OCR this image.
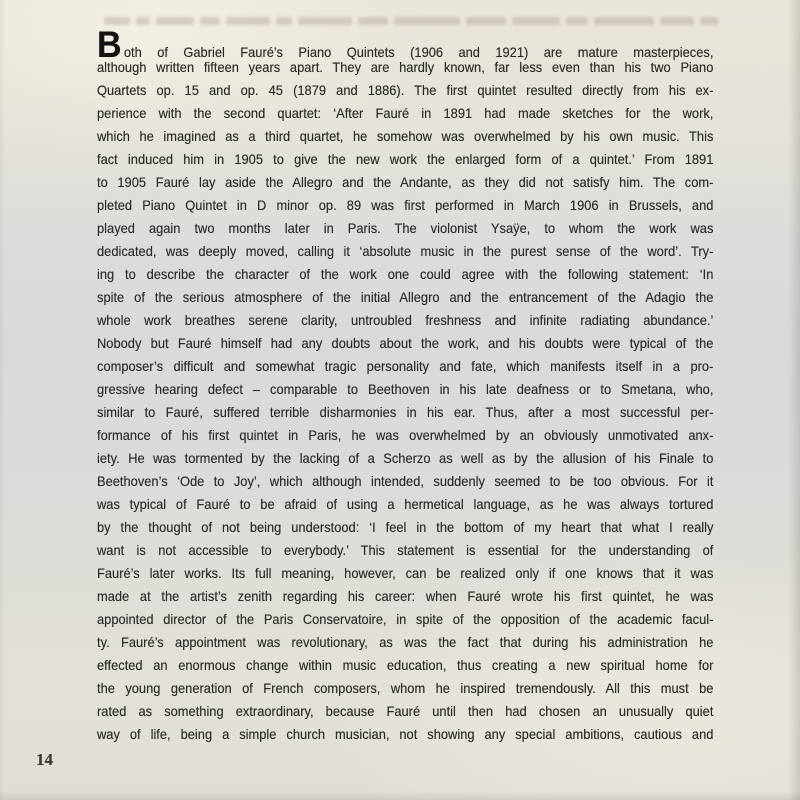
Both of Gabriel Fauré’s Piano Quintets (1906 and 1921) are mature masterpieces,
although written fifteen years apart. They are hardly known, far less even than his two Piano
Quartets op. 15 and op. 45 (1879 and 1886). The first quintet resulted directly from his ex-
perience with the second quartet: ‘After Fauré in 1891 had made sketches for the work,
which he imagined as a third quartet, he somehow was overwhelmed by his own music. This
fact induced him in 1905 to give the new work the enlarged form of a quintet.’ From 1891
to 1905 Fauré lay aside the Allegro and the Andante, as they did not satisfy him. The com-
pleted Piano Quintet in D minor op. 89 was first performed in March 1906 in Brussels, and
played again two months later in Paris. The violonist Ysaÿe, to whom the work was
dedicated, was deeply moved, calling it ‘absolute music in the purest sense of the word’. Try-
ing to describe the character of the work one could agree with the following statement: ‘In
spite of the serious atmosphere of the initial Allegro and the entrancement of the Adagio the
whole work breathes serene clarity, untroubled freshness and infinite radiating abundance.’
Nobody but Fauré himself had any doubts about the work, and his doubts were typical of the
composer’s difficult and somewhat tragic personality and fate, which manifests itself in a pro-
gressive hearing defect – comparable to Beethoven in his late deafness or to Smetana, who,
similar to Fauré, suffered terrible disharmonies in his ear. Thus, after a most successful per-
formance of his first quintet in Paris, he was overwhelmed by an obviously unmotivated anx-
iety. He was tormented by the lacking of a Scherzo as well as by the allusion of his Finale to
Beethoven’s ‘Ode to Joy’, which although intended, suddenly seemed to be too obvious. For it
was typical of Fauré to be afraid of using a hermetical language, as he was always tortured
by the thought of not being understood: ‘I feel in the bottom of my heart that what I really
want is not accessible to everybody.’ This statement is essential for the understanding of
Fauré’s later works. Its full meaning, however, can be realized only if one knows that it was
made at the artist’s zenith regarding his career: when Fauré wrote his first quintet, he was
appointed director of the Paris Conservatoire, in spite of the opposition of the academic facul-
ty. Fauré’s appointment was revolutionary, as was the fact that during his administration he
effected an enormous change within music education, thus creating a new spiritual home for
the young generation of French composers, whom he inspired tremendously. All this must be
rated as something extraordinary, because Fauré until then had chosen an unusually quiet
way of life, being a simple church musician, not showing any special ambitions, cautious and
14
